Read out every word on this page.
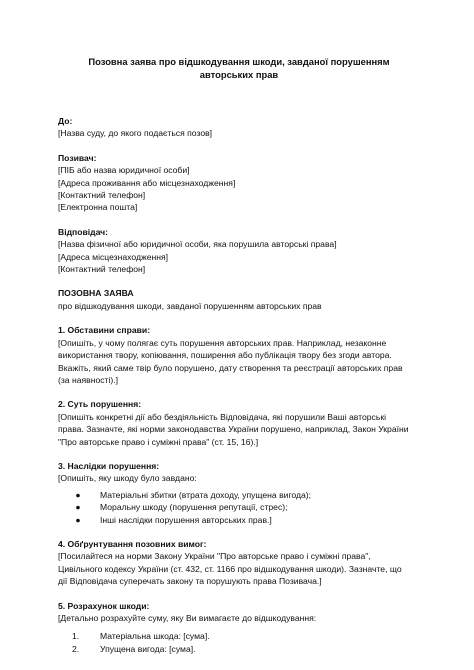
Позовна заява про відшкодування шкоди, завданої порушенням
авторських прав
До:
[Назва суду, до якого подається позов]
Позивач:
[ПІБ або назва юридичної особи]
[Адреса проживання або місцезнаходження]
[Контактний телефон]
[Електронна пошта]
Відповідач:
[Назва фізичної або юридичної особи, яка порушила авторські права]
[Адреса місцезнаходження]
[Контактний телефон]
ПОЗОВНА ЗАЯВА
про відшкодування шкоди, завданої порушенням авторських прав
1. Обставини справи:
[Опишіть, у чому полягає суть порушення авторських прав. Наприклад, незаконне
використання твору, копіювання, поширення або публікація твору без згоди автора.
Вкажіть, який саме твір було порушено, дату створення та реєстрації авторських прав
(за наявності).]
2. Суть порушення:
[Опишіть конкретні дії або бездіяльність Відповідача, які порушили Ваші авторські
права. Зазначте, які норми законодавства України порушено, наприклад, Закон України
"Про авторське право і суміжні права" (ст. 15, 16).]
3. Наслідки порушення:
[Опишіть, яку шкоду було завдано:
●	Матеріальні збитки (втрата доходу, упущена вигода);
●	Моральну шкоду (порушення репутації, стрес);
●	Інші наслідки порушення авторських прав.]
4. Обґрунтування позовних вимог:
[Посилайтеся на норми Закону України "Про авторське право і суміжні права",
Цивільного кодексу України (ст. 432, ст. 1166 про відшкодування шкоди). Зазначте, що
дії Відповідача суперечать закону та порушують права Позивача.]
5. Розрахунок шкоди:
[Детально розрахуйте суму, яку Ви вимагаєте до відшкодування:
1. Матеріальна шкода: [сума].
2. Упущена вигода: [сума].
